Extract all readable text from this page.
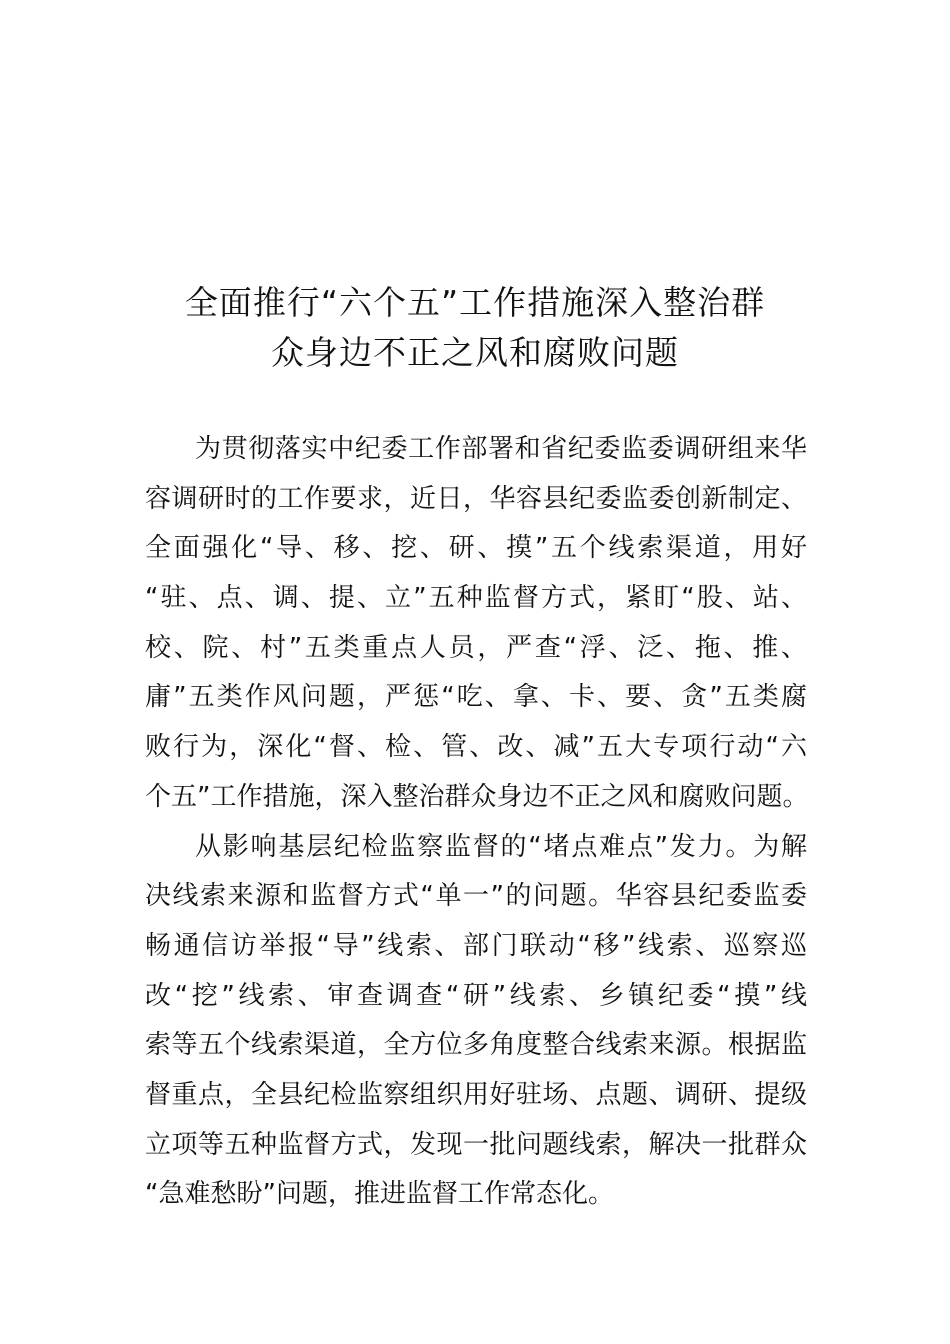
全面推行“六个五”工作措施深入整治群
众身边不正之风和腐败问题
为贯彻落实中纪委工作部署和省纪委监委调研组来华
容调研时的工作要求，近日，华容县纪委监委创新制定、
全面强化“导、移、挖、研、摸”五个线索渠道，用好
“驻、点、调、提、立”五种监督方式，紧盯“股、站、
校、院、村”五类重点人员，严查“浮、泛、拖、推、
庸”五类作风问题，严惩“吃、拿、卡、要、贪”五类腐
败行为，深化“督、检、管、改、减”五大专项行动“六
个五”工作措施，深入整治群众身边不正之风和腐败问题。
从影响基层纪检监察监督的“堵点难点”发力。为解
决线索来源和监督方式“单一”的问题。华容县纪委监委
畅通信访举报“导”线索、部门联动“移”线索、巡察巡
改“挖”线索、审查调查“研”线索、乡镇纪委“摸”线
索等五个线索渠道，全方位多角度整合线索来源。根据监
督重点，全县纪检监察组织用好驻场、点题、调研、提级
立项等五种监督方式，发现一批问题线索，解决一批群众
“急难愁盼”问题，推进监督工作常态化。
